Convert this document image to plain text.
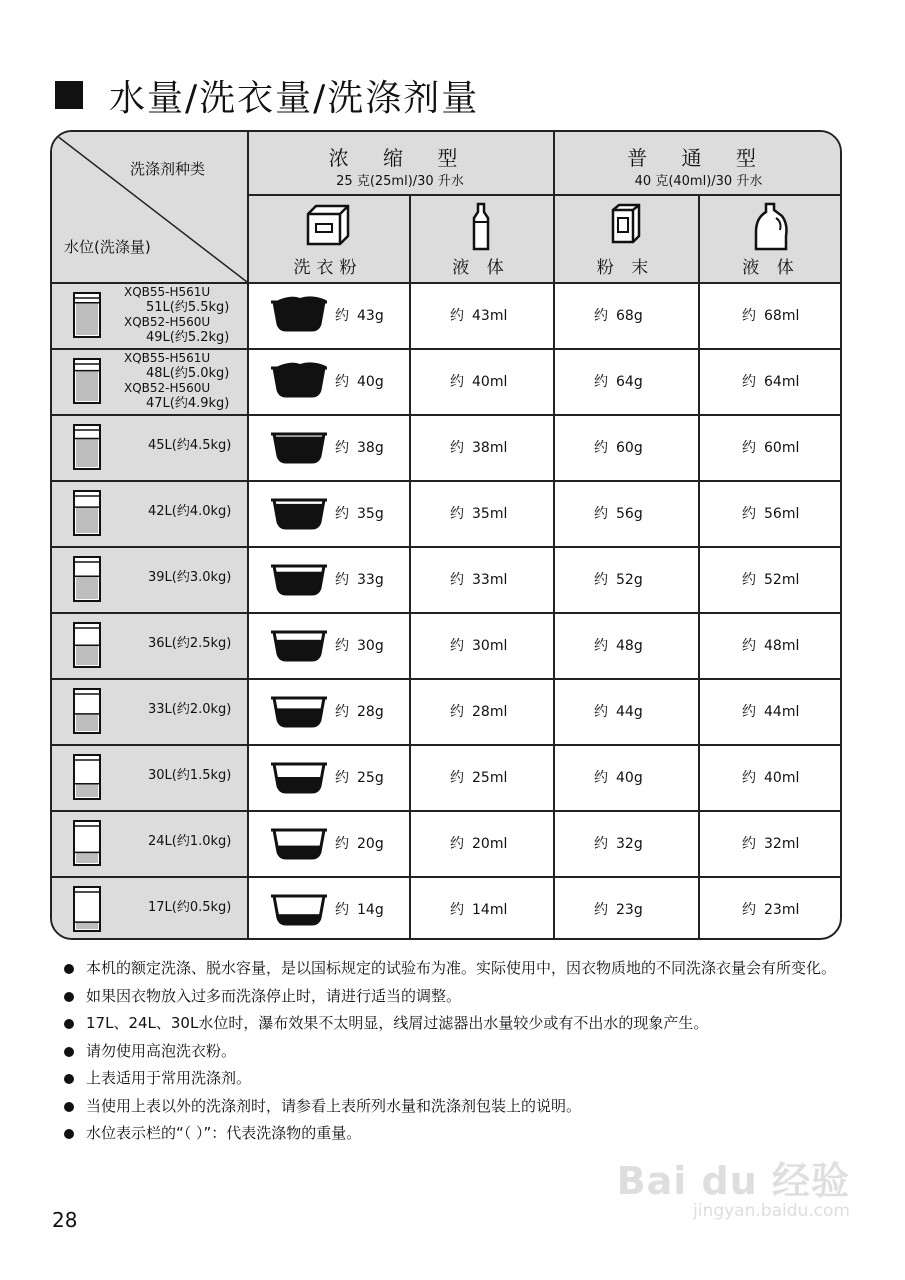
水量/洗衣量/洗涤剂量
洗涤剂种类
水位(洗涤量)
浓 缩 型
25 克(25ml)/30 升水
普 通 型
40 克(40ml)/30 升水
洗衣粉	液 体	粉 末	液 体
XQB55-H561U
51L(约5.5kg)
XQB52-H560U
49L(约5.2kg)
约 43g	约 43ml	约 68g	约 68ml
XQB55-H561U
48L(约5.0kg)
XQB52-H560U
47L(约4.9kg)
约 40g	约 40ml	约 64g	约 64ml
45L(约4.5kg)	约 38g	约 38ml	约 60g	约 60ml
42L(约4.0kg)	约 35g	约 35ml	约 56g	约 56ml
39L(约3.0kg)	约 33g	约 33ml	约 52g	约 52ml
36L(约2.5kg)	约 30g	约 30ml	约 48g	约 48ml
33L(约2.0kg)	约 28g	约 28ml	约 44g	约 44ml
30L(约1.5kg)	约 25g	约 25ml	约 40g	约 40ml
24L(约1.0kg)	约 20g	约 20ml	约 32g	约 32ml
17L(约0.5kg)	约 14g	约 14ml	约 23g	约 23ml
本机的额定洗涤、脱水容量，是以国标规定的试验布为准。实际使用中，因衣物质地的不同洗涤衣量会有所变化。
如果因衣物放入过多而洗涤停止时，请进行适当的调整。
17L、24L、30L水位时，瀑布效果不太明显，线屑过滤器出水量较少或有不出水的现象产生。
请勿使用高泡洗衣粉。
上表适用于常用洗涤剂。
当使用上表以外的洗涤剂时，请参看上表所列水量和洗涤剂包装上的说明。
水位表示栏的“（ ）”：代表洗涤物的重量。
28
Bai du 经验
jingyan.baidu.com
